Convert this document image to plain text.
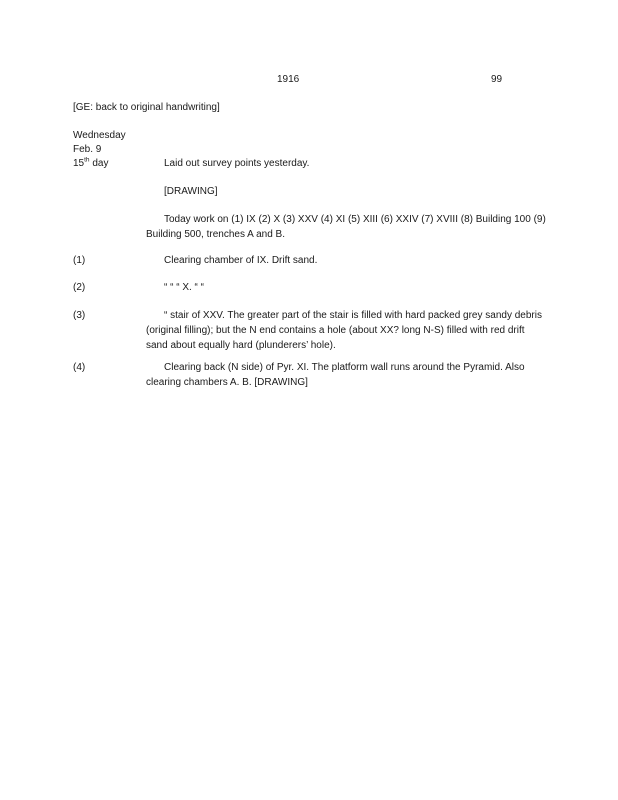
1916	99
[GE: back to original handwriting]
Wednesday
Feb. 9
15th day	Laid out survey points yesterday.
[DRAWING]
Today work on (1) IX (2) X (3) XXV (4) XI (5) XIII (6) XXIV (7) XVIII (8) Building 100 (9) Building 500, trenches A and B.
(1)	Clearing chamber of IX. Drift sand.
(2)	“ “ “ X. “ “
(3)	“ stair of XXV. The greater part of the stair is filled with hard packed grey sandy debris (original filling); but the N end contains a hole (about XX? long N-S) filled with red drift sand about equally hard (plunderers’ hole).
(4)	Clearing back (N side) of Pyr. XI. The platform wall runs around the Pyramid. Also clearing chambers A. B. [DRAWING]
